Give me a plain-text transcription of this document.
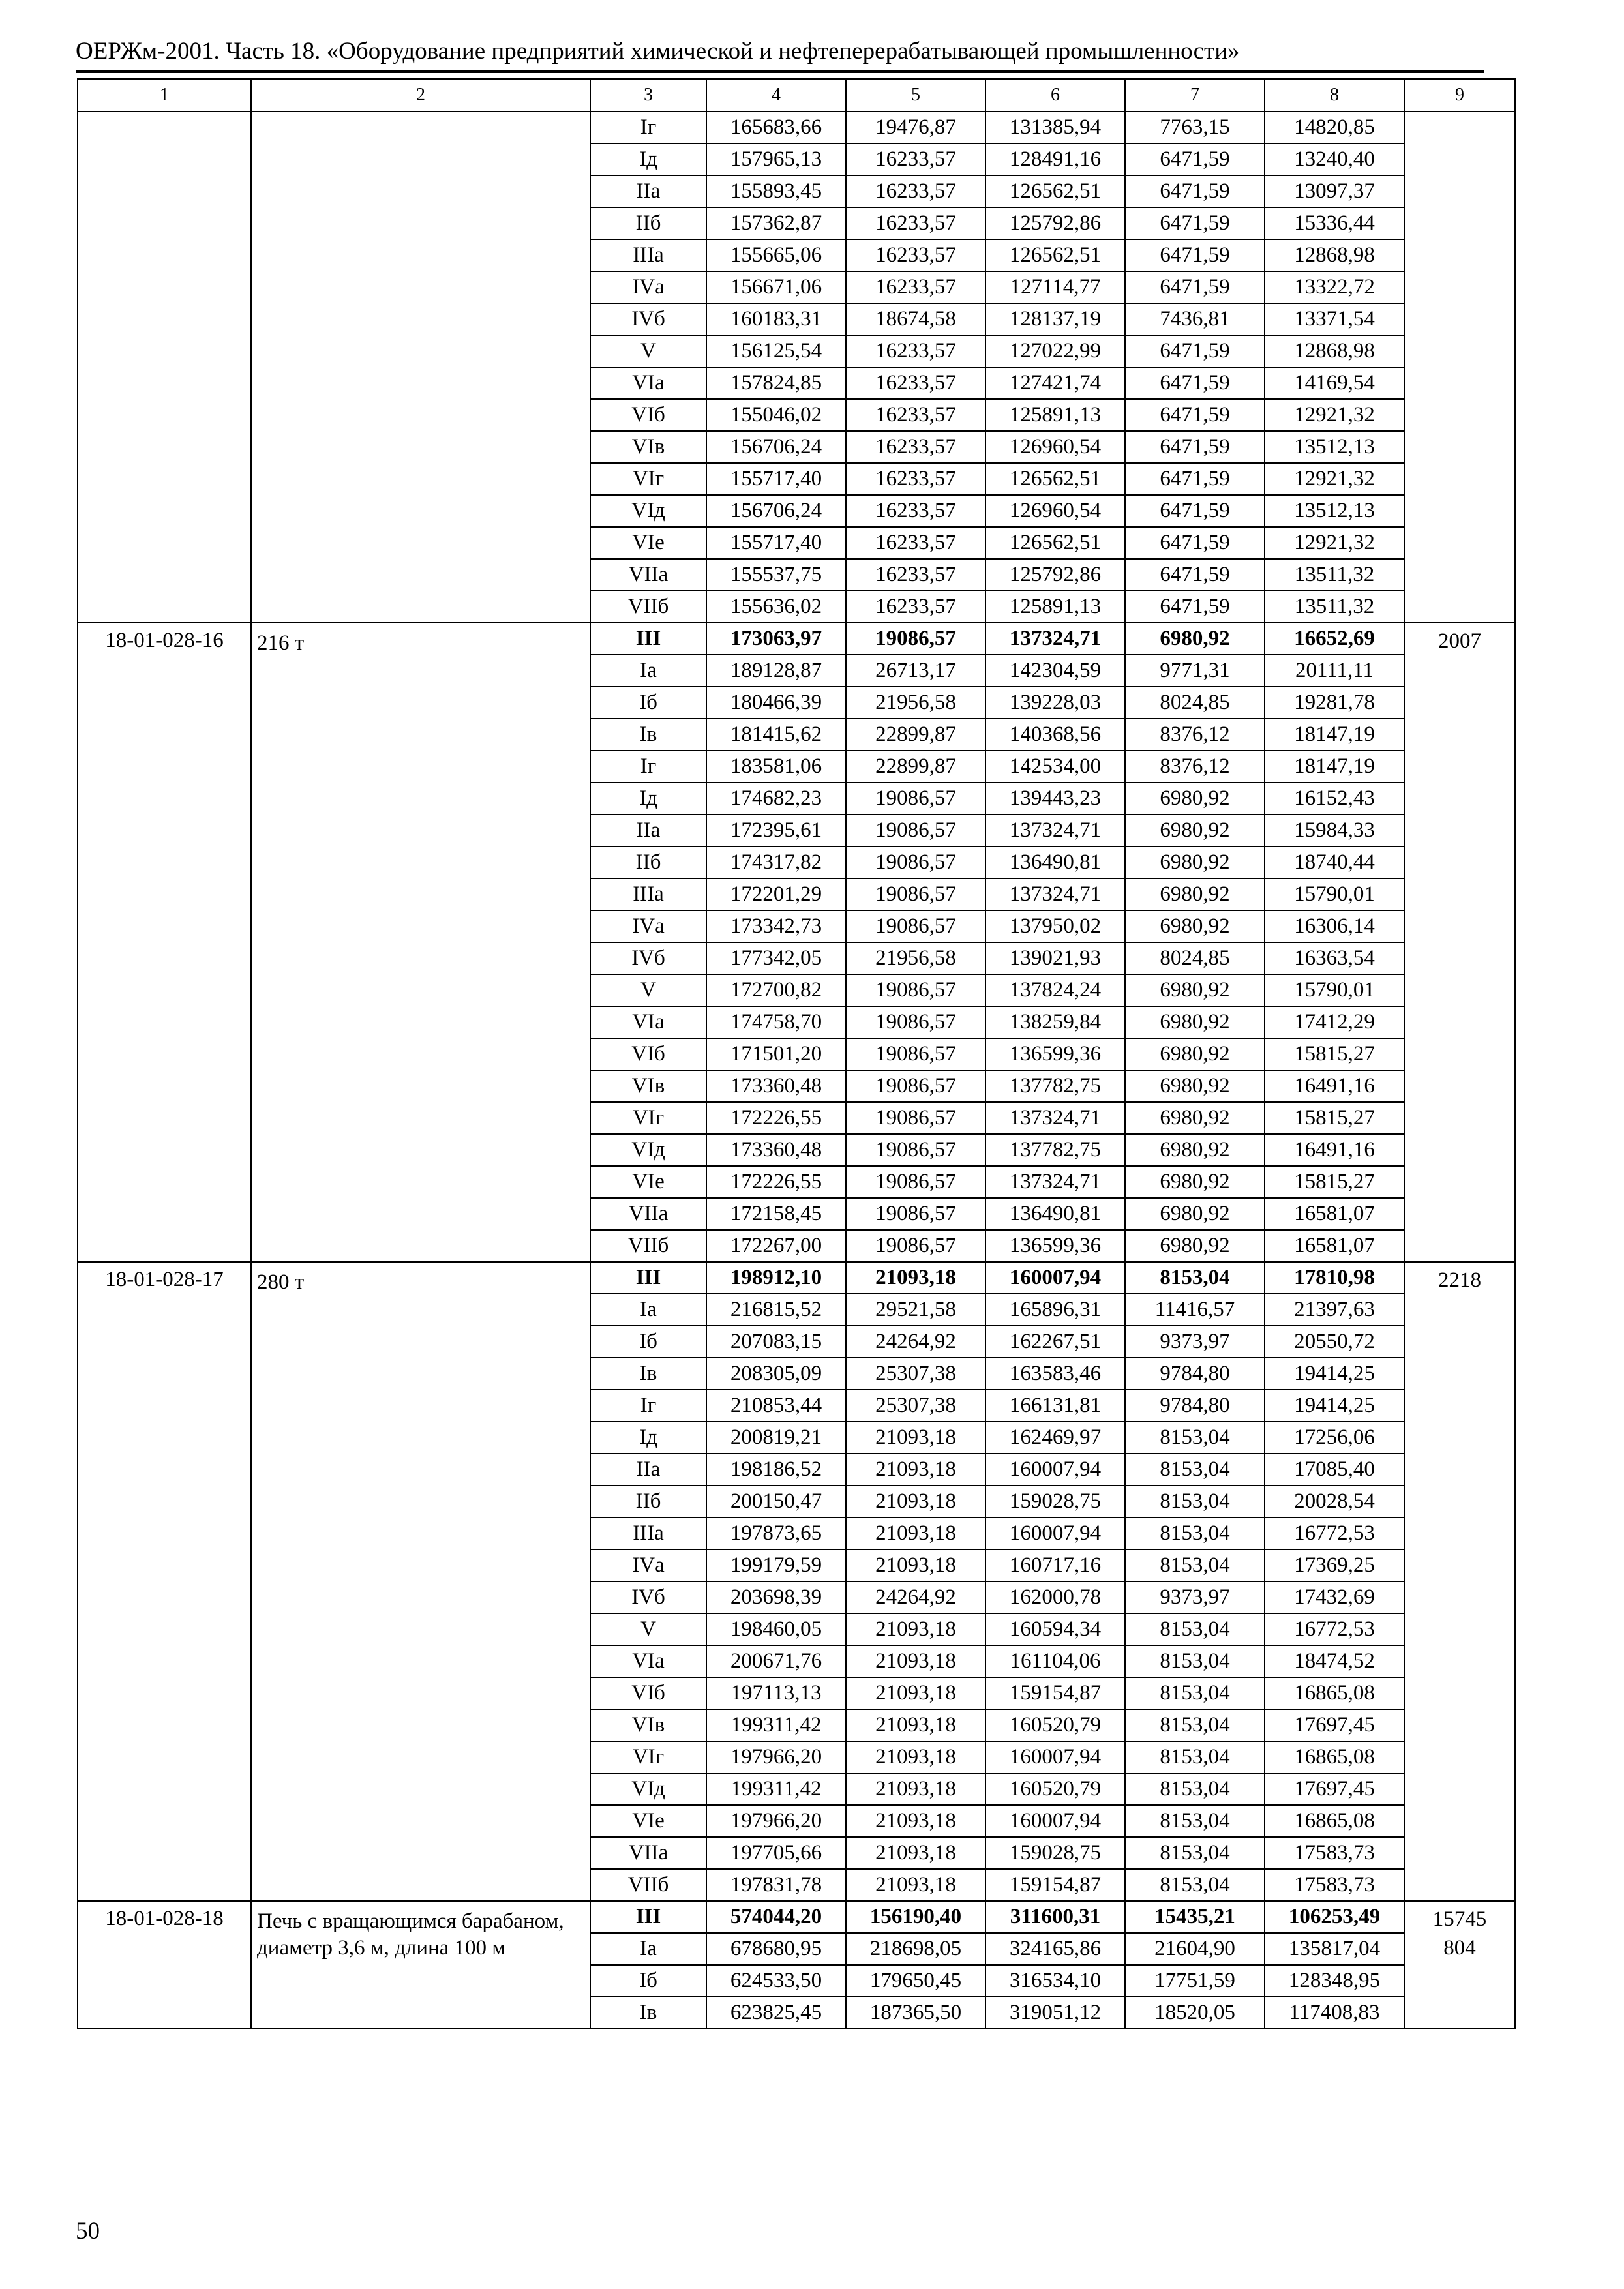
ОЕРЖм-2001. Часть 18. «Оборудование предприятий химической и нефтеперерабатывающей промышленности»
1	2	3	4	5	6	7	8	9
		Iг	165683,66	19476,87	131385,94	7763,15	14820,85	
		Iд	157965,13	16233,57	128491,16	6471,59	13240,40	
		IIа	155893,45	16233,57	126562,51	6471,59	13097,37	
		IIб	157362,87	16233,57	125792,86	6471,59	15336,44	
		IIIа	155665,06	16233,57	126562,51	6471,59	12868,98	
		IVа	156671,06	16233,57	127114,77	6471,59	13322,72	
		IVб	160183,31	18674,58	128137,19	7436,81	13371,54	
		V	156125,54	16233,57	127022,99	6471,59	12868,98	
		VIа	157824,85	16233,57	127421,74	6471,59	14169,54	
		VIб	155046,02	16233,57	125891,13	6471,59	12921,32	
		VIв	156706,24	16233,57	126960,54	6471,59	13512,13	
		VIг	155717,40	16233,57	126562,51	6471,59	12921,32	
		VIд	156706,24	16233,57	126960,54	6471,59	13512,13	
		VIе	155717,40	16233,57	126562,51	6471,59	12921,32	
		VIIа	155537,75	16233,57	125792,86	6471,59	13511,32	
		VIIб	155636,02	16233,57	125891,13	6471,59	13511,32	
18-01-028-16	216 т	III	173063,97	19086,57	137324,71	6980,92	16652,69	2007

		Iа	189128,87	26713,17	142304,59	9771,31	20111,11	
		Iб	180466,39	21956,58	139228,03	8024,85	19281,78	
		Iв	181415,62	22899,87	140368,56	8376,12	18147,19	
		Iг	183581,06	22899,87	142534,00	8376,12	18147,19	
		Iд	174682,23	19086,57	139443,23	6980,92	16152,43	
		IIа	172395,61	19086,57	137324,71	6980,92	15984,33	
		IIб	174317,82	19086,57	136490,81	6980,92	18740,44	
		IIIа	172201,29	19086,57	137324,71	6980,92	15790,01	
		IVа	173342,73	19086,57	137950,02	6980,92	16306,14	
		IVб	177342,05	21956,58	139021,93	8024,85	16363,54	
		V	172700,82	19086,57	137824,24	6980,92	15790,01	
		VIа	174758,70	19086,57	138259,84	6980,92	17412,29	
		VIб	171501,20	19086,57	136599,36	6980,92	15815,27	
		VIв	173360,48	19086,57	137782,75	6980,92	16491,16	
		VIг	172226,55	19086,57	137324,71	6980,92	15815,27	
		VIд	173360,48	19086,57	137782,75	6980,92	16491,16	
		VIе	172226,55	19086,57	137324,71	6980,92	15815,27	
		VIIа	172158,45	19086,57	136490,81	6980,92	16581,07	
		VIIб	172267,00	19086,57	136599,36	6980,92	16581,07	
18-01-028-17	280 т	III	198912,10	21093,18	160007,94	8153,04	17810,98	2218

		Iа	216815,52	29521,58	165896,31	11416,57	21397,63	
		Iб	207083,15	24264,92	162267,51	9373,97	20550,72	
		Iв	208305,09	25307,38	163583,46	9784,80	19414,25	
		Iг	210853,44	25307,38	166131,81	9784,80	19414,25	
		Iд	200819,21	21093,18	162469,97	8153,04	17256,06	
		IIа	198186,52	21093,18	160007,94	8153,04	17085,40	
		IIб	200150,47	21093,18	159028,75	8153,04	20028,54	
		IIIа	197873,65	21093,18	160007,94	8153,04	16772,53	
		IVа	199179,59	21093,18	160717,16	8153,04	17369,25	
		IVб	203698,39	24264,92	162000,78	9373,97	17432,69	
		V	198460,05	21093,18	160594,34	8153,04	16772,53	
		VIа	200671,76	21093,18	161104,06	8153,04	18474,52	
		VIб	197113,13	21093,18	159154,87	8153,04	16865,08	
		VIв	199311,42	21093,18	160520,79	8153,04	17697,45	
		VIг	197966,20	21093,18	160007,94	8153,04	16865,08	
		VIд	199311,42	21093,18	160520,79	8153,04	17697,45	
		VIе	197966,20	21093,18	160007,94	8153,04	16865,08	
		VIIа	197705,66	21093,18	159028,75	8153,04	17583,73	
		VIIб	197831,78	21093,18	159154,87	8153,04	17583,73	
18-01-028-18	Печь с вращающимся барабаном, диаметр 3,6 м, длина 100 м	III	574044,20	156190,40	311600,31	15435,21	106253,49	15745
804

		Iа	678680,95	218698,05	324165,86	21604,90	135817,04	
		Iб	624533,50	179650,45	316534,10	17751,59	128348,95	
		Iв	623825,45	187365,50	319051,12	18520,05	117408,83	
50
